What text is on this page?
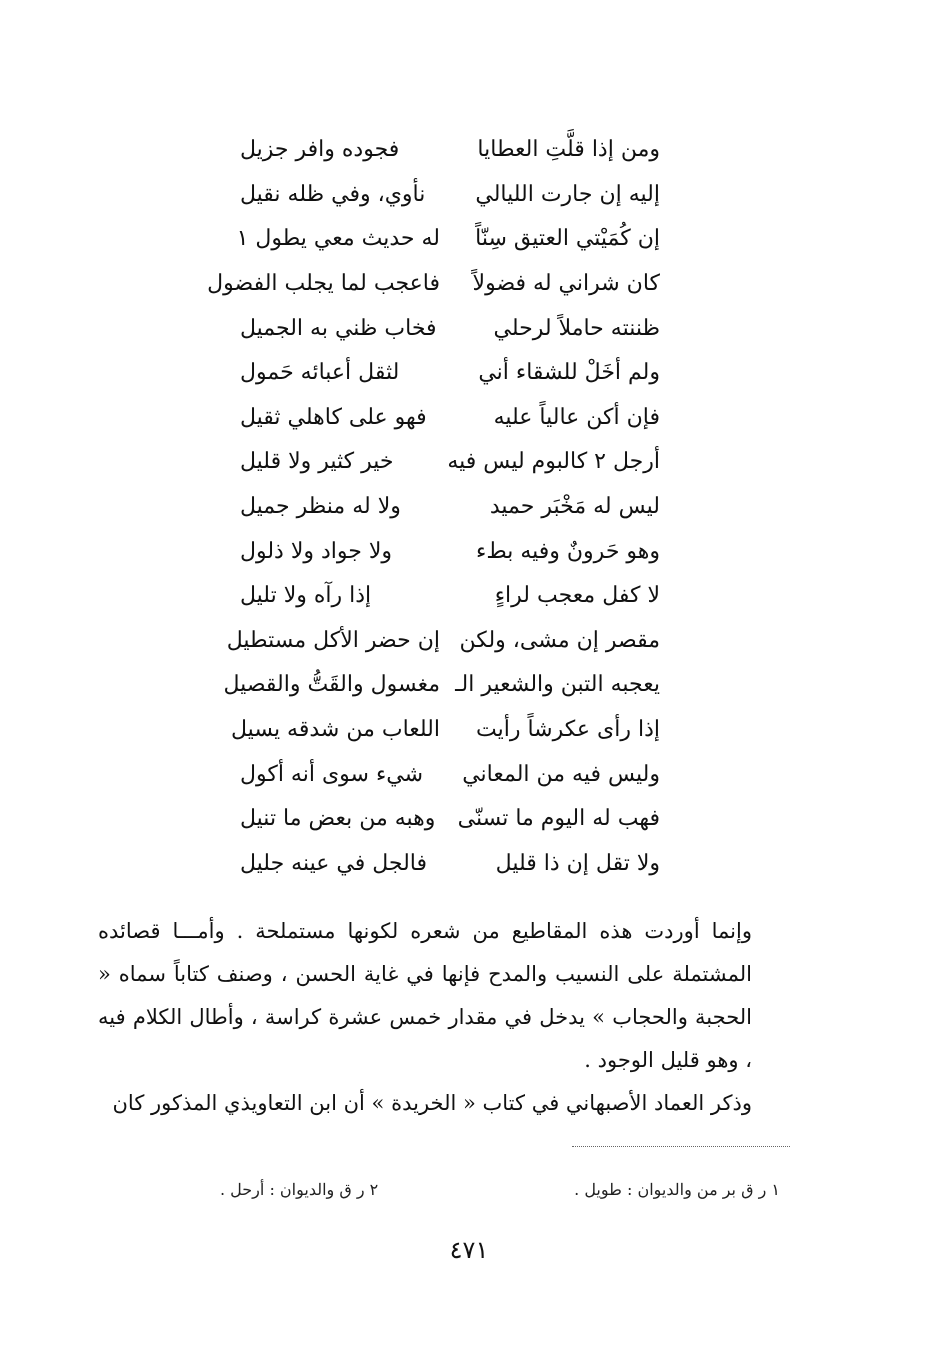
ومن إذا قلَّتِ العطايا
فجوده وافر جزيل
إليه إن جارت الليالي
نأوي، وفي ظله نقيل
إن كُمَيْتي العتيق سِنّاً
له حديث معي يطول ١
كان شراني له فضولاً
فاعجب لما يجلب الفضول
ظننته حاملاً لرحلي
فخاب ظني به الجميل
ولم أخَلْ للشقاء أني
لثقل أعبائه حَمول
فإن أكن عالياً عليه
فهو على كاهلي ثقيل
أرجل ٢ كالبوم ليس فيه
خير كثير ولا قليل
ليس له مَخْبَر حميد
ولا له منظر جميل
وهو حَرونٌ وفيه بطء
ولا جواد ولا ذلول
لا كفل معجب لراءٍ
إذا رآه ولا تليل
مقصر إن مشى، ولكن
إن حضر الأكل مستطيل
يعجبه التبن والشعير الـ
مغسول والقَتُّ والقصيل
إذا رأى عكرشاً رأيت
اللعاب من شدقه يسيل
وليس فيه من المعاني
شيء سوى أنه أكول
فهب له اليوم ما تسنّى
وهبه من بعض ما تنيل
ولا تقل إن ذا قليل
فالجل في عينه جليل

وإنما أوردت هذه المقاطيع من شعره لكونها مستملحة . وأمـــا قصائده المشتملة على النسيب والمدح فإنها في غاية الحسن ، وصنف كتاباً سماه « الحجبة والحجاب » يدخل في مقدار خمس عشرة كراسة ، وأطال الكلام فيه ، وهو قليل الوجود .

وذكر العماد الأصبهاني في كتاب « الخريدة » أن ابن التعاويذي المذكور كان

١ ر ق بر من والديوان : طويل .
٢ ر ق والديوان : أرحل .
٤٧١
